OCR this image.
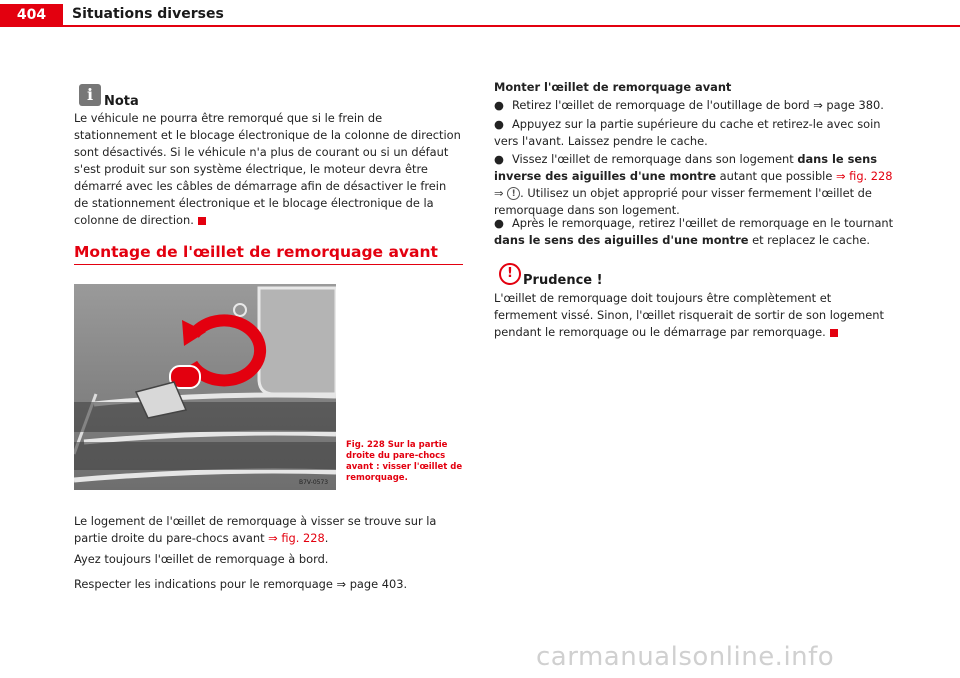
404	Situations diverses
i
Nota
Le véhicule ne pourra être remorqué que si le frein de stationnement et le blocage électronique de la colonne de direction sont désactivés. Si le véhicule n'a plus de courant ou si un défaut s'est produit sur son système électrique, le moteur devra être démarré avec les câbles de démarrage afin de désactiver le frein de stationnement électronique et le blocage électronique de la colonne de direction.
Montage de l'œillet de remorquage avant
B7V-0573
Fig. 228 Sur la partie droite du pare-chocs avant : visser l'œillet de remorquage.
Le logement de l'œillet de remorquage à visser se trouve sur la partie droite du pare-chocs avant ⇒ fig. 228.
Ayez toujours l'œillet de remorquage à bord.
Respecter les indications pour le remorquage ⇒ page 403.
Monter l'œillet de remorquage avant
● Retirez l'œillet de remorquage de l'outillage de bord ⇒ page 380.
● Appuyez sur la partie supérieure du cache et retirez-le avec soin vers l'avant. Laissez pendre le cache.
● Vissez l'œillet de remorquage dans son logement dans le sens inverse des aiguilles d'une montre autant que possible ⇒ fig. 228 ⇒ ! . Utilisez un objet approprié pour visser fermement l'œillet de remorquage dans son logement.
● Après le remorquage, retirez l'œillet de remorquage en le tournant dans le sens des aiguilles d'une montre et replacez le cache.
!
Prudence !
L'œillet de remorquage doit toujours être complètement et fermement vissé. Sinon, l'œillet risquerait de sortir de son logement pendant le remorquage ou le démarrage par remorquage.
carmanualsonline.info
